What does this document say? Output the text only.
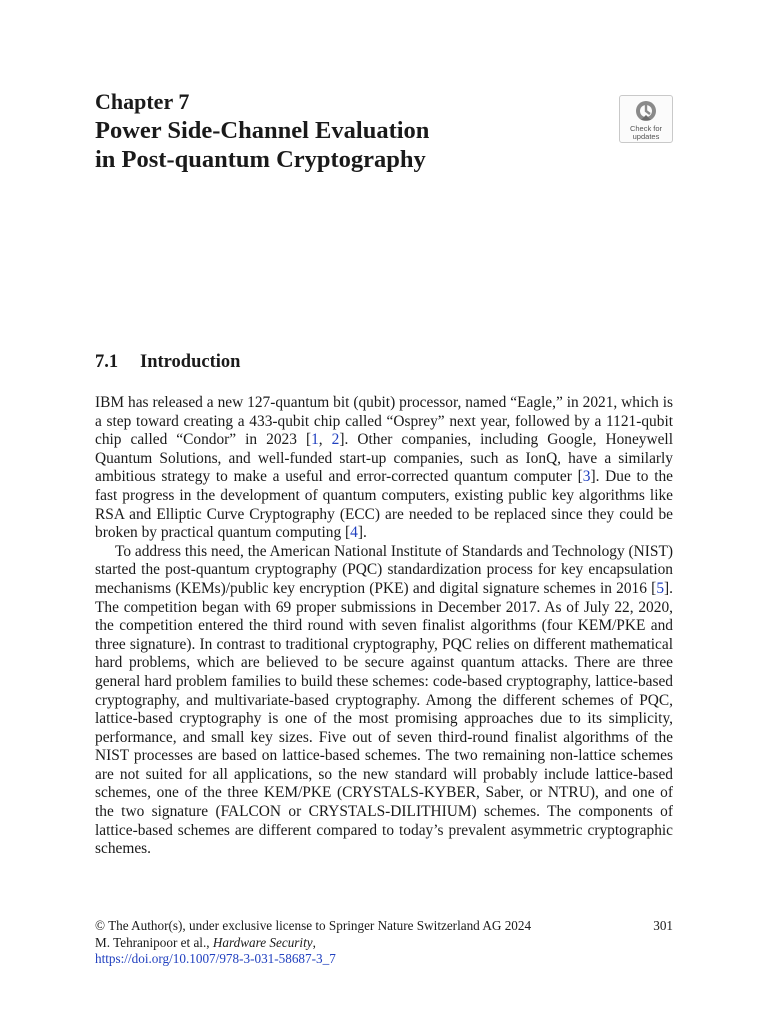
Chapter 7
Power Side-Channel Evaluation
in Post-quantum Cryptography
Check for
updates
7.1 Introduction

IBM has released a new 127-quantum bit (qubit) processor, named “Eagle,” in 2021, which is a step toward creating a 433-qubit chip called “Osprey” next year, followed by a 1121-qubit chip called “Condor” in 2023 [1, 2]. Other companies, including Google, Honeywell Quantum Solutions, and well-funded start-up companies, such as IonQ, have a similarly ambitious strategy to make a useful and error-corrected quantum computer [3]. Due to the fast progress in the development of quantum computers, existing public key algorithms like RSA and Elliptic Curve Cryptography (ECC) are needed to be replaced since they could be broken by practical quantum computing [4].

To address this need, the American National Institute of Standards and Technology (NIST) started the post-quantum cryptography (PQC) standardization process for key encapsulation mechanisms (KEMs)/public key encryption (PKE) and digital signature schemes in 2016 [5]. The competition began with 69 proper submissions in December 2017. As of July 22, 2020, the competition entered the third round with seven finalist algorithms (four KEM/PKE and three signature). In contrast to traditional cryptography, PQC relies on different mathematical hard problems, which are believed to be secure against quantum attacks. There are three general hard problem families to build these schemes: code-based cryptography, lattice-based cryptography, and multivariate-based cryptography. Among the different schemes of PQC, lattice-based cryptography is one of the most promising approaches due to its simplicity, performance, and small key sizes. Five out of seven third-round finalist algorithms of the NIST processes are based on lattice-based schemes. The two remaining non-lattice schemes are not suited for all applications, so the new standard will probably include lattice-based schemes, one of the three KEM/PKE (CRYSTALS-KYBER, Saber, or NTRU), and one of the two signature (FALCON or CRYSTALS-DILITHIUM) schemes. The components of lattice-based schemes are different compared to today’s prevalent asymmetric cryptographic schemes.

© The Author(s), under exclusive license to Springer Nature Switzerland AG 2024	301
M. Tehranipoor et al., Hardware Security,
https://doi.org/10.1007/978-3-031-58687-3_7
